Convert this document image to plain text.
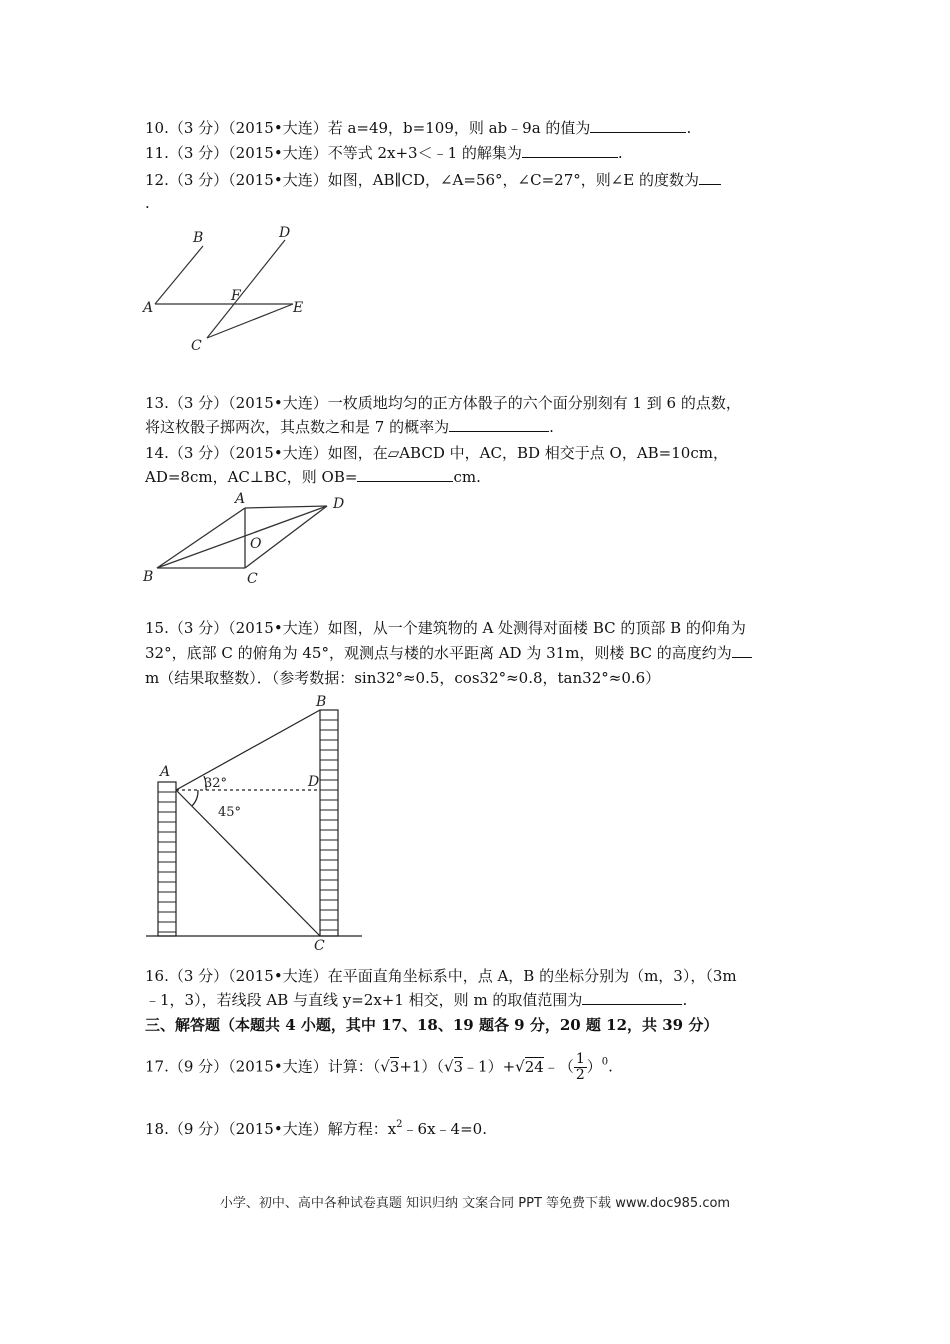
10.（3 分）（2015•大连）若 a=49，b=109，则 ab﹣9a 的值为	.
11.（3 分）（2015•大连）不等式 2x+3＜﹣1 的解集为	.
12.（3 分）（2015•大连）如图，AB∥CD，∠A=56°，∠C=27°，则∠E 的度数为
.
B	D
A
F
E
C
13.（3 分）（2015•大连）一枚质地均匀的正方体骰子的六个面分别刻有 1 到 6 的点数，
将这枚骰子掷两次，其点数之和是 7 的概率为	.
14.（3 分）（2015•大连）如图，在▱ABCD 中，AC，BD 相交于点 O，AB=10cm，
AD=8cm，AC⊥BC，则 OB=	cm.
A	D
O
B	C
15.（3 分）（2015•大连）如图，从一个建筑物的 A 处测得对面楼 BC 的顶部 B 的仰角为
32°，底部 C 的俯角为 45°，观测点与楼的水平距离 AD 为 31m，则楼 BC 的高度约为
m（结果取整数）．（参考数据：sin32°≈0.5，cos32°≈0.8，tan32°≈0.6）
A
B
D
C
32°
45°
16.（3 分）（2015•大连）在平面直角坐标系中，点 A，B 的坐标分别为（m，3），（3m
﹣1，3），若线段 AB 与直线 y=2x+1 相交，则 m 的取值范围为	.
三、解答题（本题共 4 小题，其中 17、18、19 题各 9 分，20 题 12，共 39 分）
17.（9 分）（2015•大连）计算：（√3+1）（√3﹣1）+√24﹣（ $\frac{1}{2} )^0$.
18.（9 分）（2015•大连）解方程：$x^2﹣6x﹣4=0$.
小学、初中、高中各种试卷真题 知识归纳 文案合同 PPT 等免费下载 www.doc985.com
